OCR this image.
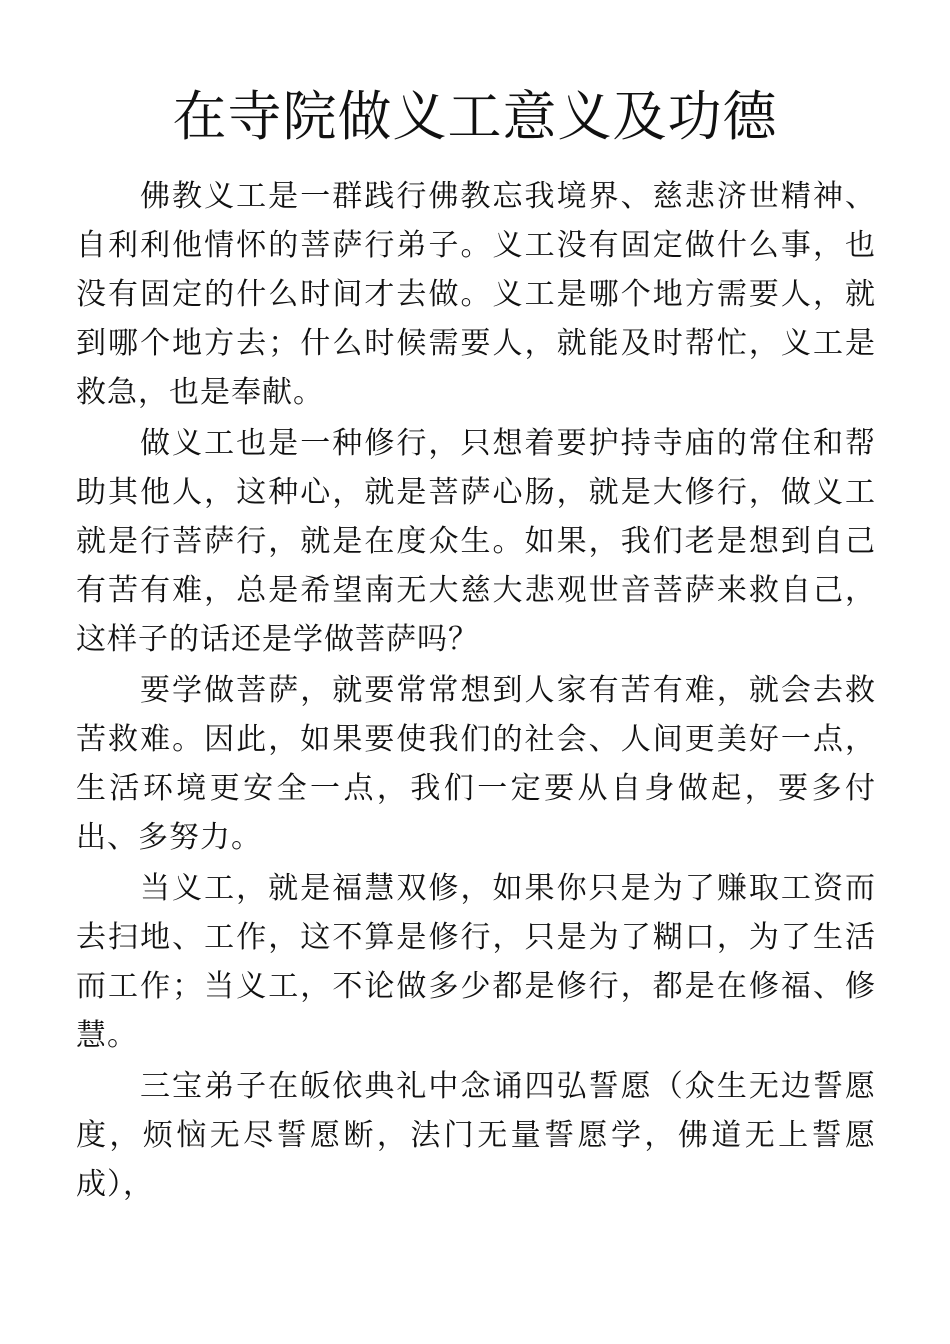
在寺院做义工意义及功德

佛教义工是一群践行佛教忘我境界、慈悲济世精神、自利利他情怀的菩萨行弟子。义工没有固定做什么事，也没有固定的什么时间才去做。义工是哪个地方需要人，就到哪个地方去；什么时候需要人，就能及时帮忙，义工是救急，也是奉献。

做义工也是一种修行，只想着要护持寺庙的常住和帮助其他人，这种心，就是菩萨心肠，就是大修行，做义工就是行菩萨行，就是在度众生。如果，我们老是想到自己有苦有难，总是希望南无大慈大悲观世音菩萨来救自己，这样子的话还是学做菩萨吗？

要学做菩萨，就要常常想到人家有苦有难，就会去救苦救难。因此，如果要使我们的社会、人间更美好一点，生活环境更安全一点，我们一定要从自身做起，要多付出、多努力。

当义工，就是福慧双修，如果你只是为了赚取工资而去扫地、工作，这不算是修行，只是为了糊口，为了生活而工作；当义工，不论做多少都是修行，都是在修福、修慧。

三宝弟子在皈依典礼中念诵四弘誓愿（众生无边誓愿度，烦恼无尽誓愿断，法门无量誓愿学，佛道无上誓愿成），
